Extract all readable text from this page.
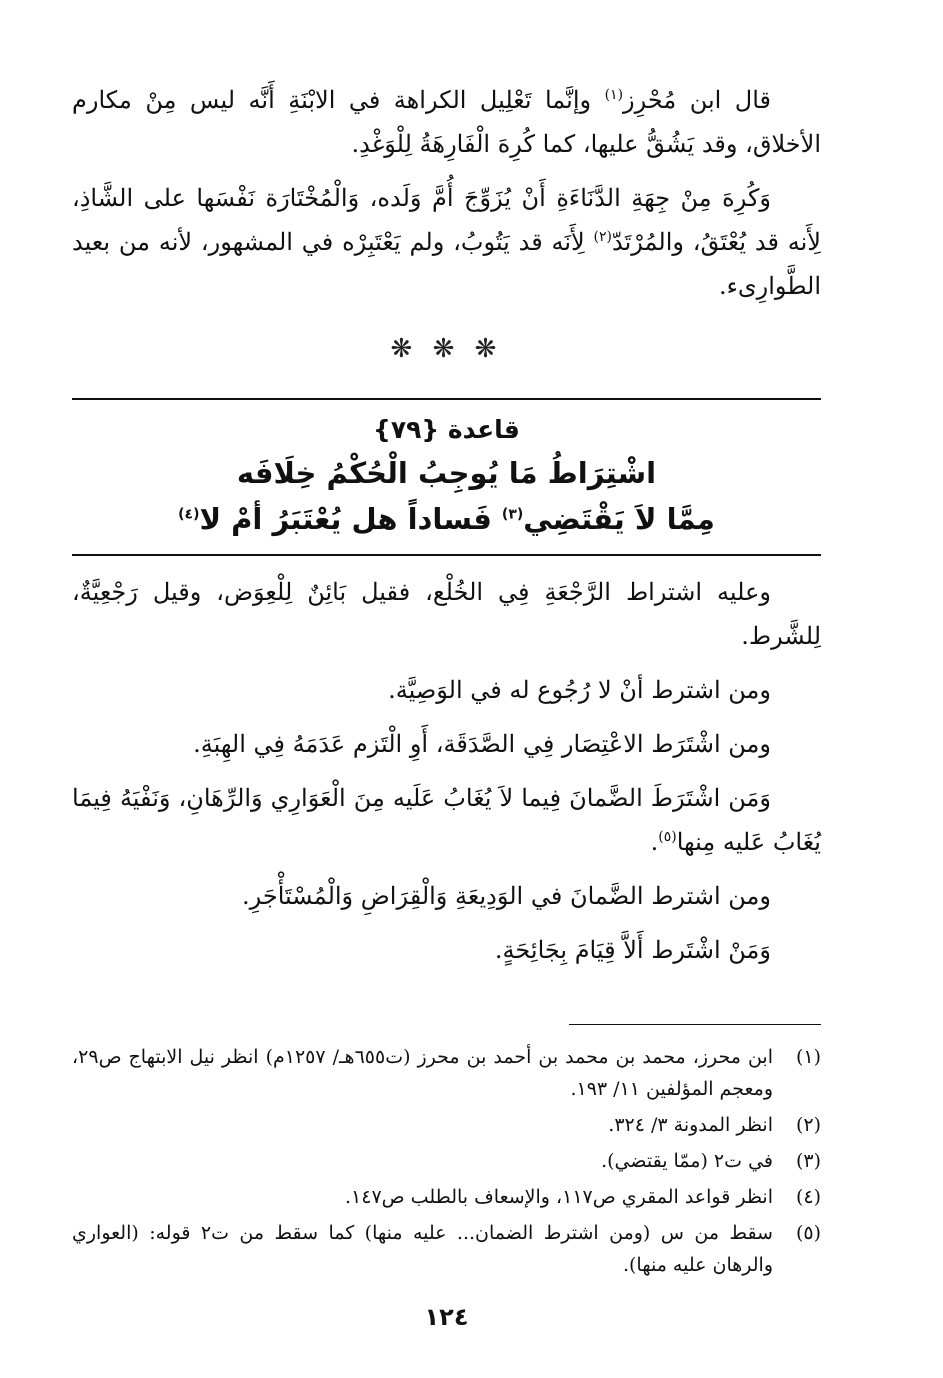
قال ابن مُحْرِز$^{(١)}$ وإنَّما تَعْلِيل الكراهة في الابْنَةِ أَنَّه ليس مِنْ مكارم الأخلاق، وقد يَشُقُّ عليها، كما كُرِهَ الْفَارِهَةُ لِلْوَغْدِ.

وَكُرِهَ مِنْ جِهَةِ الدَّنَاءَةِ أَنْ يُزَوِّجَ أُمَّ وَلَده، وَالْمُخْتَارَة نَفْسَها على الشَّاذِ، لِأَنه قد يُعْتَقُ، والمُرْتَدّ$^{(٢)}$ لِأَنَه قد يَتُوبُ، ولم يَعْتَبِرْه في المشهور، لأنه من بعيد الطَّوارِىء.

❋ ❋ ❋
قاعدة {٧٩}
اشْتِرَاطُ مَا يُوجِبُ الْحُكْمُ خِلَافَه
مِمَّا لاَ يَقْتَضِي$^{(٣)}$ فَساداً هل يُعْتَبَرُ أمْ لا$^{(٤)}$

وعليه اشتراط الرَّجْعَةِ فِي الخُلْع، فقيل بَائِنٌ لِلْعِوَض، وقيل رَجْعِيَّةٌ، لِلشَّرط.

ومن اشترط أنْ لا رُجُوع له في الوَصِيَّة.

ومن اشْتَرَط الاعْتِصَار فِي الصَّدَقَة، أَوِ الْتَزم عَدَمَهُ فِي الهِبَةِ.

وَمَن اشْتَرَطَ الضَّمانَ فِيما لاَ يُغَابُ عَلَيه مِنَ الْعَوَارِي وَالرِّهَانِ، وَنَفْيَهُ فِيمَا يُغَابُ عَليه مِنها$^{(٥)}$.

ومن اشترط الضَّمانَ في الوَدِيعَةِ وَالْقِرَاضِ وَالْمُسْتَأْجَرِ.

وَمَنْ اشْتَرط أَلاَّ قِيَامَ بِجَائِحَةٍ.

(١)
ابن محرز، محمد بن محمد بن أحمد بن محرز (ت٦٥٥هـ/ ١٢٥٧م) انظر نيل الابتهاج ص٢٩، ومعجم المؤلفين ١١/ ١٩٣.
(٢)
انظر المدونة ٣/ ٣٢٤.
(٣)
في ت٢ (ممّا يقتضي).
(٤)
انظر قواعد المقري ص١١٧، والإسعاف بالطلب ص١٤٧.
(٥)
سقط من س (ومن اشترط الضمان... عليه منها) كما سقط من ت٢ قوله: (العواري والرهان عليه منها).
١٢٤
